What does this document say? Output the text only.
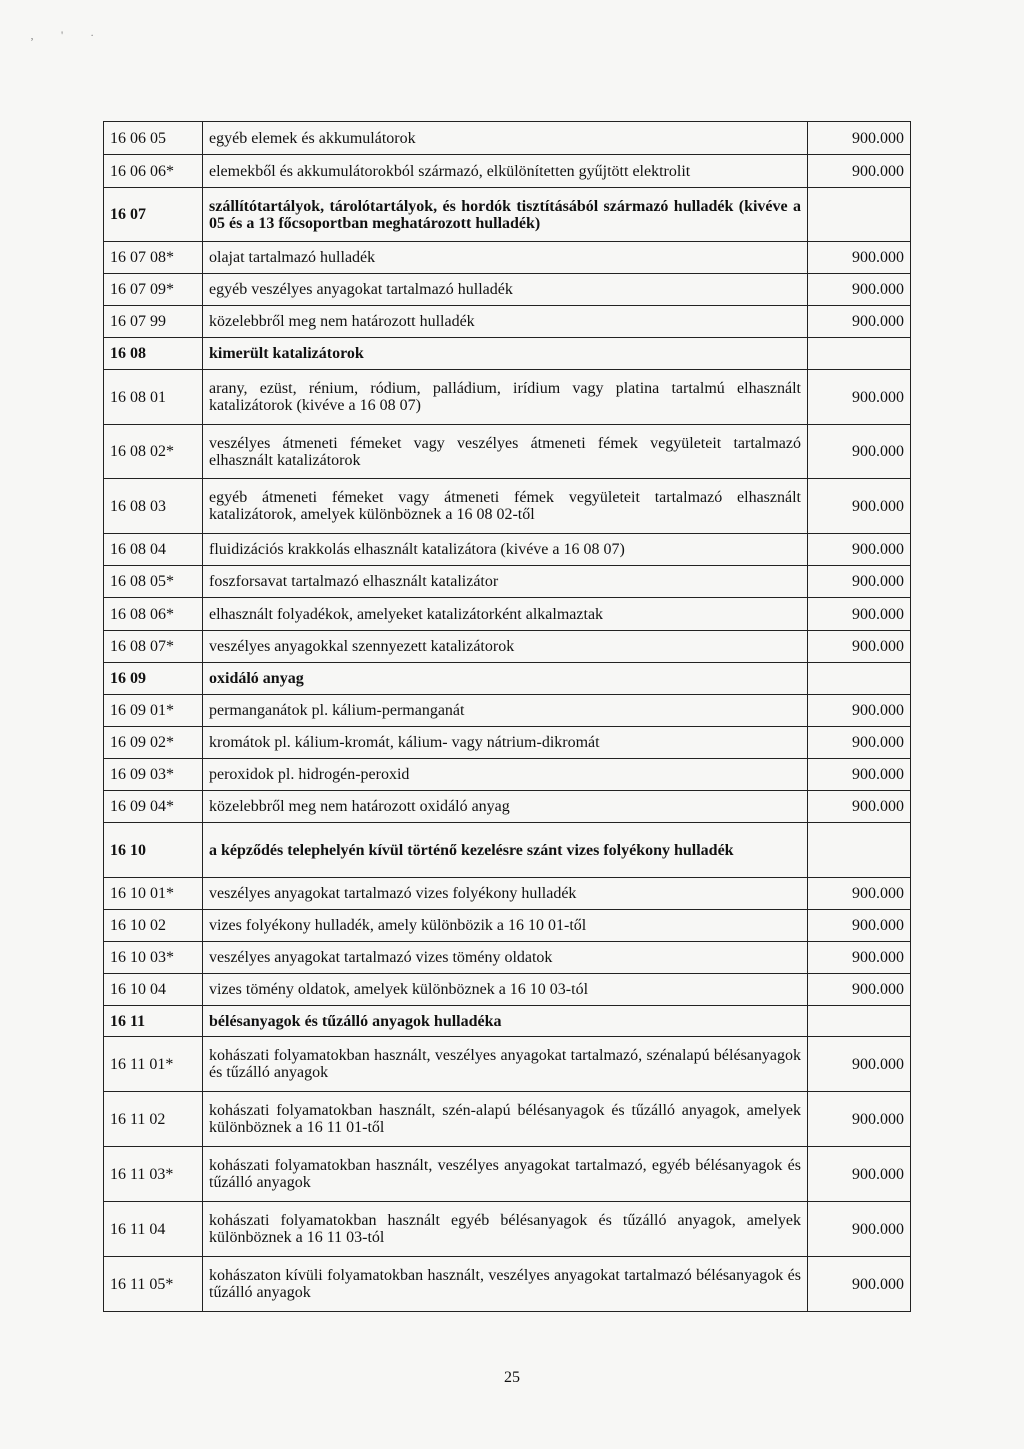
‚ ' ·
16 06 05	egyéb elemek és akkumulátorok	900.000
16 06 06*	elemekből és akkumulátorokból származó, elkülönítetten gyűjtött elektrolit	900.000
16 07	szállítótartályok, tárolótartályok, és hordók tisztításából származó hulladék (kivéve a 05 és a 13 főcsoportban meghatározott hulladék)	
16 07 08*	olajat tartalmazó hulladék	900.000
16 07 09*	egyéb veszélyes anyagokat tartalmazó hulladék	900.000
16 07 99	közelebbről meg nem határozott hulladék	900.000
16 08	kimerült katalizátorok	
16 08 01	arany, ezüst, rénium, ródium, palládium, irídium vagy platina tartalmú elhasznált katalizátorok (kivéve a 16 08 07)	900.000
16 08 02*	veszélyes átmeneti fémeket vagy veszélyes átmeneti fémek vegyületeit tartalmazó elhasznált katalizátorok	900.000
16 08 03	egyéb átmeneti fémeket vagy átmeneti fémek vegyületeit tartalmazó elhasznált katalizátorok, amelyek különböznek a 16 08 02-től	900.000
16 08 04	fluidizációs krakkolás elhasznált katalizátora (kivéve a 16 08 07)	900.000
16 08 05*	foszforsavat tartalmazó elhasznált katalizátor	900.000
16 08 06*	elhasznált folyadékok, amelyeket katalizátorként alkalmaztak	900.000
16 08 07*	veszélyes anyagokkal szennyezett katalizátorok	900.000
16 09	oxidáló anyag	
16 09 01*	permanganátok pl. kálium-permanganát	900.000
16 09 02*	kromátok pl. kálium-kromát, kálium- vagy nátrium-dikromát	900.000
16 09 03*	peroxidok pl. hidrogén-peroxid	900.000
16 09 04*	közelebbről meg nem határozott oxidáló anyag	900.000
16 10	a képződés telephelyén kívül történő kezelésre szánt vizes folyékony hulladék	
16 10 01*	veszélyes anyagokat tartalmazó vizes folyékony hulladék	900.000
16 10 02	vizes folyékony hulladék, amely különbözik a 16 10 01-től	900.000
16 10 03*	veszélyes anyagokat tartalmazó vizes tömény oldatok	900.000
16 10 04	vizes tömény oldatok, amelyek különböznek a 16 10 03-tól	900.000
16 11	bélésanyagok és tűzálló anyagok hulladéka	
16 11 01*	kohászati folyamatokban használt, veszélyes anyagokat tartalmazó, szénalapú bélésanyagok és tűzálló anyagok	900.000
16 11 02	kohászati folyamatokban használt, szén-alapú bélésanyagok és tűzálló anyagok, amelyek különböznek a 16 11 01-től	900.000
16 11 03*	kohászati folyamatokban használt, veszélyes anyagokat tartalmazó, egyéb bélésanyagok és tűzálló anyagok	900.000
16 11 04	kohászati folyamatokban használt egyéb bélésanyagok és tűzálló anyagok, amelyek különböznek a 16 11 03-tól	900.000
16 11 05*	kohászaton kívüli folyamatokban használt, veszélyes anyagokat tartalmazó bélésanyagok és tűzálló anyagok	900.000
25
